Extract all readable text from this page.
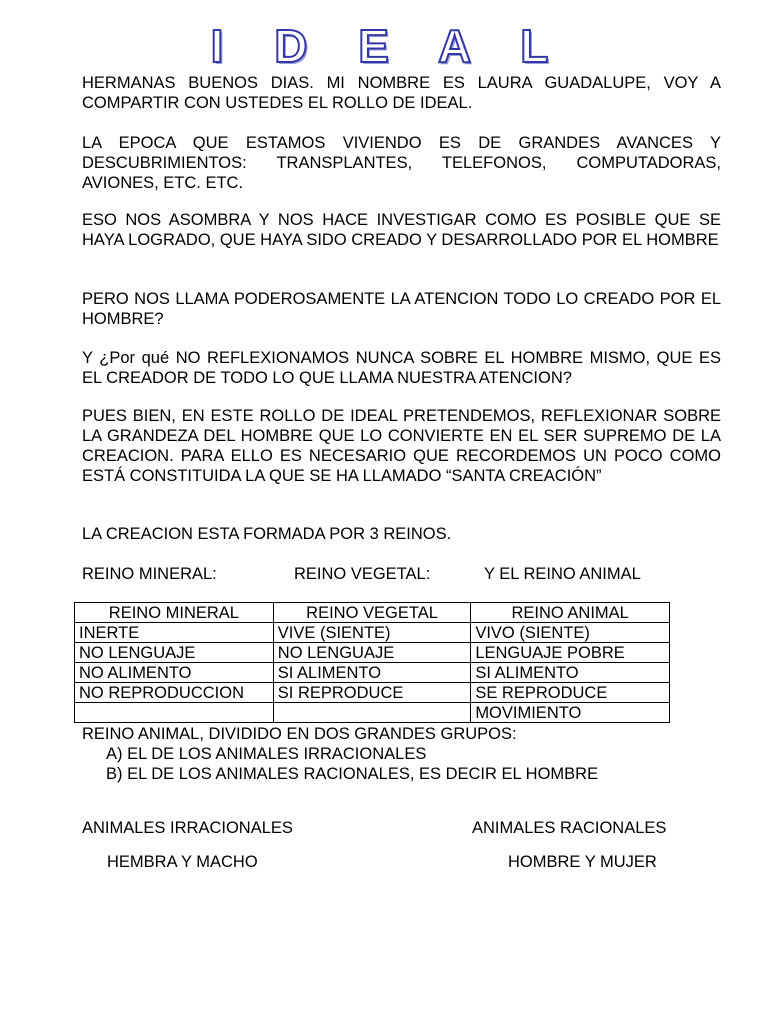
I D E A L
HERMANAS BUENOS DIAS. MI NOMBRE ES LAURA GUADALUPE, VOY A COMPARTIR CON USTEDES EL ROLLO DE IDEAL.
LA EPOCA QUE ESTAMOS VIVIENDO ES DE GRANDES AVANCES Y DESCUBRIMIENTOS: TRANSPLANTES, TELEFONOS, COMPUTADORAS, AVIONES, ETC. ETC.
ESO NOS ASOMBRA Y NOS HACE INVESTIGAR COMO ES POSIBLE QUE SE HAYA LOGRADO, QUE HAYA SIDO CREADO Y DESARROLLADO POR EL HOMBRE
PERO NOS LLAMA PODEROSAMENTE LA ATENCION TODO LO CREADO POR EL HOMBRE?
Y ¿Por qué NO REFLEXIONAMOS NUNCA SOBRE EL HOMBRE MISMO, QUE ES EL CREADOR DE TODO LO QUE LLAMA NUESTRA ATENCION?
PUES BIEN, EN ESTE ROLLO DE IDEAL PRETENDEMOS, REFLEXIONAR SOBRE LA GRANDEZA DEL HOMBRE QUE LO CONVIERTE EN EL SER SUPREMO DE LA CREACION. PARA ELLO ES NECESARIO QUE RECORDEMOS UN POCO COMO ESTÁ CONSTITUIDA LA QUE SE HA LLAMADO “SANTA CREACIÓN”
LA CREACION ESTA FORMADA POR 3 REINOS.
REINO MINERAL:	REINO VEGETAL:	Y EL REINO ANIMAL
REINO MINERAL	REINO VEGETAL	REINO ANIMAL
INERTE	VIVE (SIENTE)	VIVO (SIENTE)
NO LENGUAJE	NO LENGUAJE	LENGUAJE POBRE
NO ALIMENTO	SI ALIMENTO	SI ALIMENTO
NO REPRODUCCION	SI REPRODUCE	SE REPRODUCE
		MOVIMIENTO
REINO ANIMAL, DIVIDIDO EN DOS GRANDES GRUPOS:
A) EL DE LOS ANIMALES IRRACIONALES
B) EL DE LOS ANIMALES RACIONALES, ES DECIR EL HOMBRE
ANIMALES IRRACIONALES	ANIMALES RACIONALES
HEMBRA Y MACHO	HOMBRE Y MUJER
